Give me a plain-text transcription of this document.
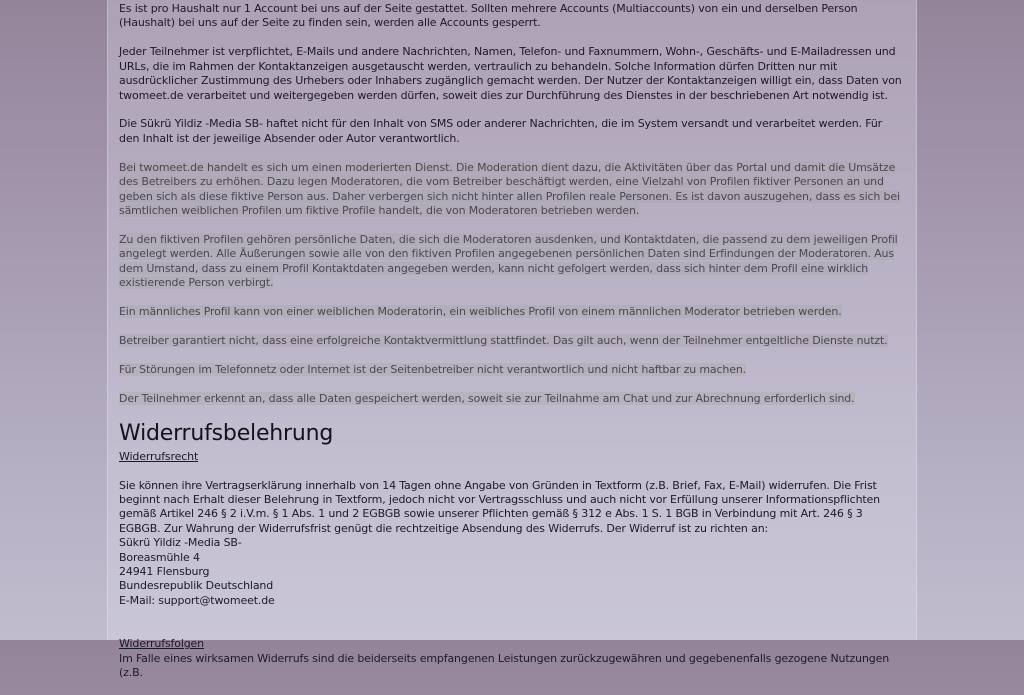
Es ist pro Haushalt nur 1 Account bei uns auf der Seite gestattet. Sollten mehrere Accounts (Multiaccounts) von ein und derselben Person (Haushalt) bei uns auf der Seite zu finden sein, werden alle Accounts gesperrt.

Jeder Teilnehmer ist verpflichtet, E-Mails und andere Nachrichten, Namen, Telefon- und Faxnummern, Wohn-, Geschäfts- und E-Mailadressen und URLs, die im Rahmen der Kontaktanzeigen ausgetauscht werden, vertraulich zu behandeln. Solche Information dürfen Dritten nur mit ausdrücklicher Zustimmung des Urhebers oder Inhabers zugänglich gemacht werden. Der Nutzer der Kontaktanzeigen willigt ein, dass Daten von twomeet.de verarbeitet und weitergegeben werden dürfen, soweit dies zur Durchführung des Dienstes in der beschriebenen Art notwendig ist.

Die Sükrü Yildiz -Media SB- haftet nicht für den Inhalt von SMS oder anderer Nachrichten, die im System versandt und verarbeitet werden. Für den Inhalt ist der jeweilige Absender oder Autor verantwortlich.

Bei twomeet.de handelt es sich um einen moderierten Dienst. Die Moderation dient dazu, die Aktivitäten über das Portal und damit die Umsätze des Betreibers zu erhöhen. Dazu legen Moderatoren, die vom Betreiber beschäftigt werden, eine Vielzahl von Profilen fiktiver Personen an und geben sich als diese fiktive Person aus. Daher verbergen sich nicht hinter allen Profilen reale Personen. Es ist davon auszugehen, dass es sich bei sämtlichen weiblichen Profilen um fiktive Profile handelt, die von Moderatoren betrieben werden.

Zu den fiktiven Profilen gehören persönliche Daten, die sich die Moderatoren ausdenken, und Kontaktdaten, die passend zu dem jeweiligen Profil angelegt werden. Alle Äußerungen sowie alle von den fiktiven Profilen angegebenen persönlichen Daten sind Erfindungen der Moderatoren. Aus dem Umstand, dass zu einem Profil Kontaktdaten angegeben werden, kann nicht gefolgert werden, dass sich hinter dem Profil eine wirklich existierende Person verbirgt.

Ein männliches Profil kann von einer weiblichen Moderatorin, ein weibliches Profil von einem männlichen Moderator betrieben werden.

Betreiber garantiert nicht, dass eine erfolgreiche Kontaktvermittlung stattfindet. Das gilt auch, wenn der Teilnehmer entgeltliche Dienste nutzt.

Für Störungen im Telefonnetz oder Internet ist der Seitenbetreiber nicht verantwortlich und nicht haftbar zu machen.

Der Teilnehmer erkennt an, dass alle Daten gespeichert werden, soweit sie zur Teilnahme am Chat und zur Abrechnung erforderlich sind.

Widerrufsbelehrung
Widerrufsrecht

Sie können ihre Vertragserklärung innerhalb von 14 Tagen ohne Angabe von Gründen in Textform (z.B. Brief, Fax, E-Mail) widerrufen. Die Frist beginnt nach Erhalt dieser Belehrung in Textform, jedoch nicht vor Vertragsschluss und auch nicht vor Erfüllung unserer Informationspflichten gemäß Artikel 246 § 2 i.V.m. § 1 Abs. 1 und 2 EGBGB sowie unserer Pflichten gemäß § 312 e Abs. 1 S. 1 BGB in Verbindung mit Art. 246 § 3 EGBGB. Zur Wahrung der Widerrufsfrist genügt die rechtzeitige Absendung des Widerrufs. Der Widerruf ist zu richten an:

Sükrü Yildiz -Media SB-
Boreasmühle 4
24941 Flensburg
Bundesrepublik Deutschland
E-Mail: support@twomeet.de
Widerrufsfolgen

Im Falle eines wirksamen Widerrufs sind die beiderseits empfangenen Leistungen zurückzugewähren und gegebenenfalls gezogene Nutzungen (z.B.
